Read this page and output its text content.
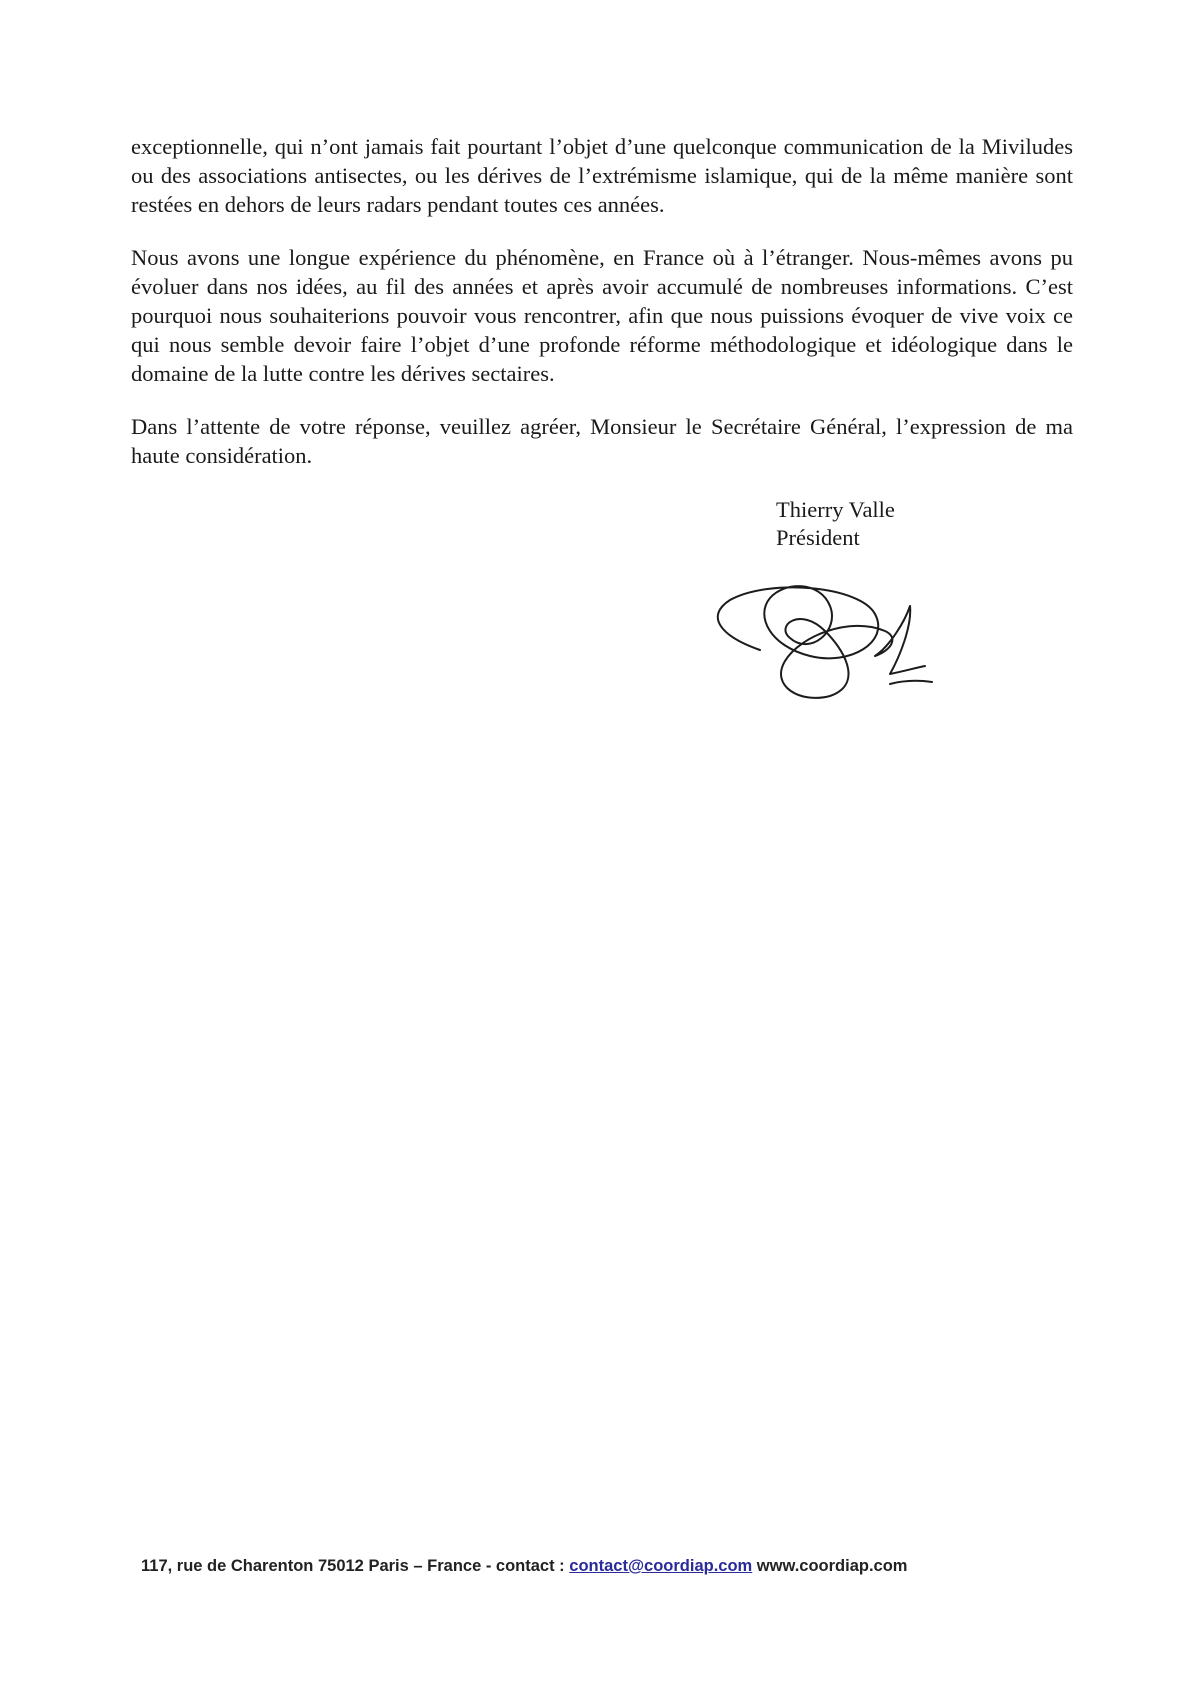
exceptionnelle, qui n’ont jamais fait pourtant l’objet d’une quelconque communication de la Miviludes ou des associations antisectes, ou les dérives de l’extrémisme islamique, qui de la même manière sont restées en dehors de leurs radars pendant toutes ces années.

Nous avons une longue expérience du phénomène, en France où à l’étranger. Nous-mêmes avons pu évoluer dans nos idées, au fil des années et après avoir accumulé de nombreuses informations. C’est pourquoi nous souhaiterions pouvoir vous rencontrer, afin que nous puissions évoquer de vive voix ce qui nous semble devoir faire l’objet d’une profonde réforme méthodologique et idéologique dans le domaine de la lutte contre les dérives sectaires.

Dans l’attente de votre réponse, veuillez agréer, Monsieur le Secrétaire Général, l’expression de ma haute considération.

Thierry Valle
Président
117, rue de Charenton 75012 Paris – France - contact : contact@coordiap.com www.coordiap.com
